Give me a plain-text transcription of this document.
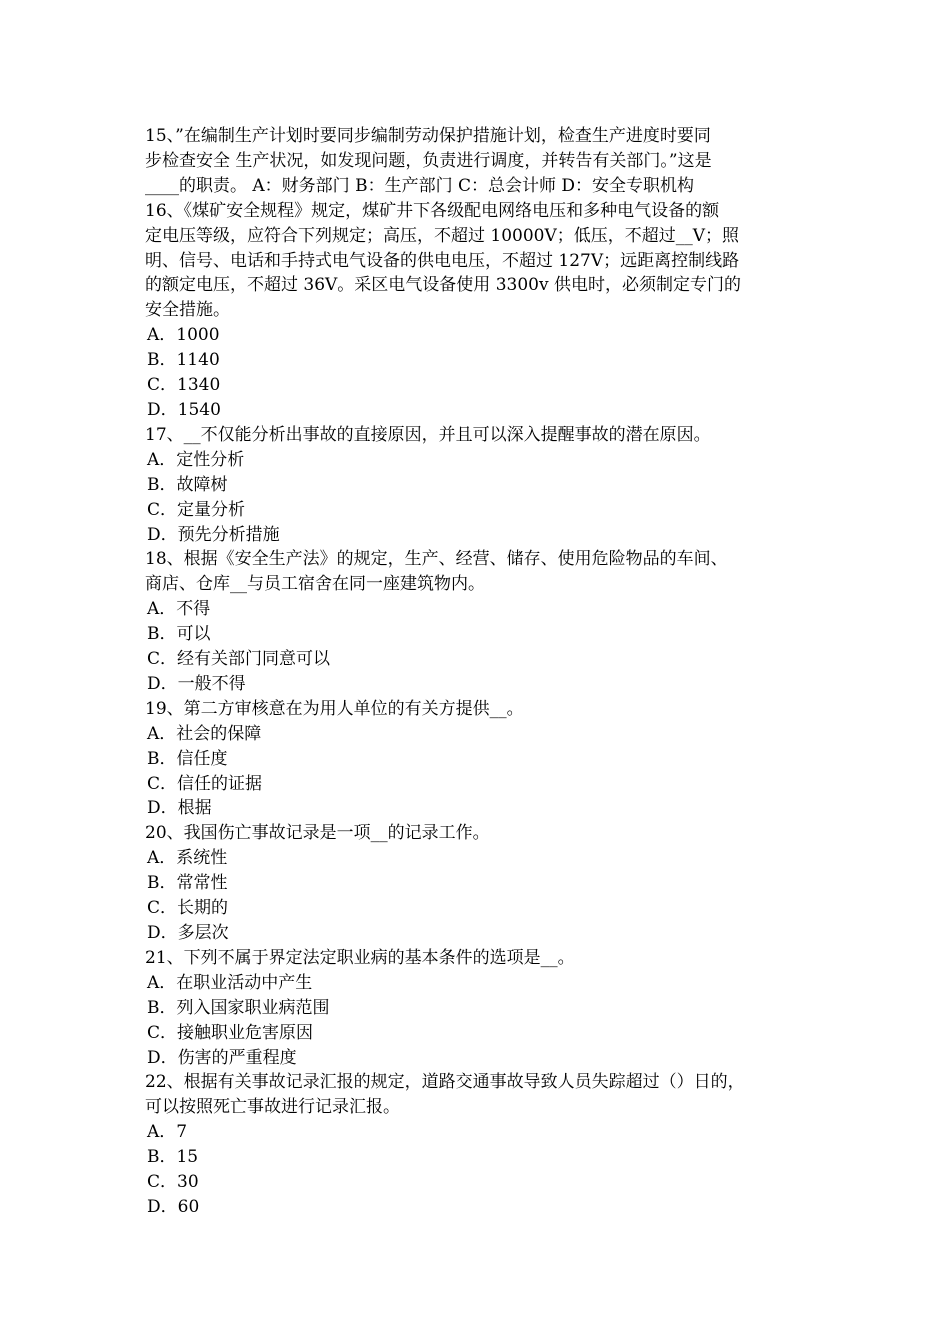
15、”在编制生产计划时要同步编制劳动保护措施计划，检查生产进度时要同
步检查安全 生产状况，如发现问题，负责进行调度，并转告有关部门。”这是
____的职责。 A：财务部门 B：生产部门 C：总会计师 D：安全专职机构

16、《煤矿安全规程》规定，煤矿井下各级配电网络电压和多种电气设备的额
定电压等级，应符合下列规定；高压，不超过 10000V；低压，不超过__V；照
明、信号、电话和手持式电气设备的供电电压，不超过 127V；远距离控制线路
的额定电压，不超过 36V。采区电气设备使用 3300v 供电时，必须制定专门的
安全措施。

A．1000

B．1140

C．1340

D．1540

17、__不仅能分析出事故的直接原因，并且可以深入提醒事故的潜在原因。

A．定性分析

B．故障树

C．定量分析

D．预先分析措施

18、根据《安全生产法》的规定，生产、经营、储存、使用危险物品的车间、
商店、仓库__与员工宿舍在同一座建筑物内。

A．不得

B．可以

C．经有关部门同意可以

D．一般不得

19、第二方审核意在为用人单位的有关方提供__。

A．社会的保障

B．信任度

C．信任的证据

D．根据

20、我国伤亡事故记录是一项__的记录工作。

A．系统性

B．常常性

C．长期的

D．多层次

21、下列不属于界定法定职业病的基本条件的选项是__。

A．在职业活动中产生

B．列入国家职业病范围

C．接触职业危害原因

D．伤害的严重程度

22、根据有关事故记录汇报的规定，道路交通事故导致人员失踪超过（）日的，
可以按照死亡事故进行记录汇报。

A．7

B．15

C．30

D．60
